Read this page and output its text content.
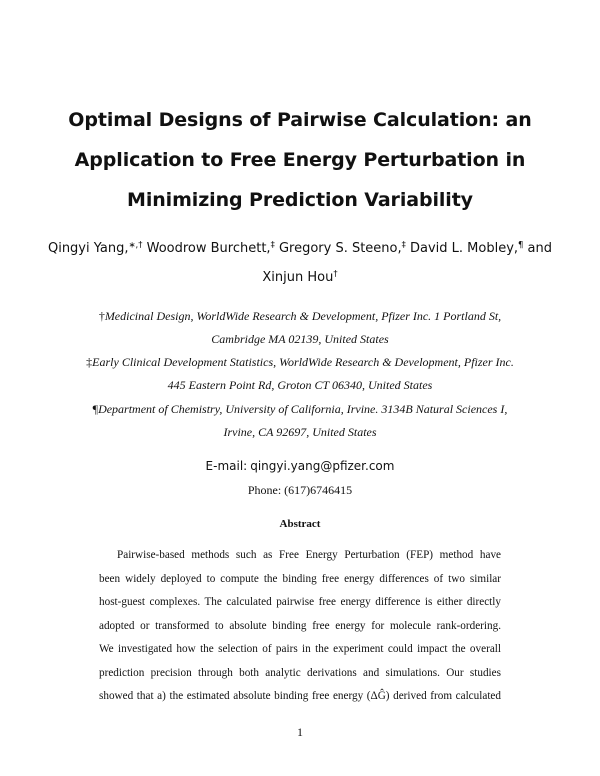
Optimal Designs of Pairwise Calculation: an
Application to Free Energy Perturbation in
Minimizing Prediction Variability
Qingyi Yang,∗,† Woodrow Burchett,‡ Gregory S. Steeno,‡ David L. Mobley,¶ and
Xinjun Hou†
†Medicinal Design, WorldWide Research & Development, Pfizer Inc. 1 Portland St,
Cambridge MA 02139, United States
‡Early Clinical Development Statistics, WorldWide Research & Development, Pfizer Inc.
445 Eastern Point Rd, Groton CT 06340, United States
¶Department of Chemistry, University of California, Irvine. 3134B Natural Sciences I,
Irvine, CA 92697, United States
E-mail: qingyi.yang@pfizer.com
Phone: (617)6746415
Abstract
Pairwise-based methods such as Free Energy Perturbation (FEP) method have
been widely deployed to compute the binding free energy differences of two similar
host-guest complexes. The calculated pairwise free energy difference is either directly
adopted or transformed to absolute binding free energy for molecule rank-ordering.
We investigated how the selection of pairs in the experiment could impact the overall
prediction precision through both analytic derivations and simulations. Our studies
showed that a) the estimated absolute binding free energy (ΔĜ) derived from calculated
1
